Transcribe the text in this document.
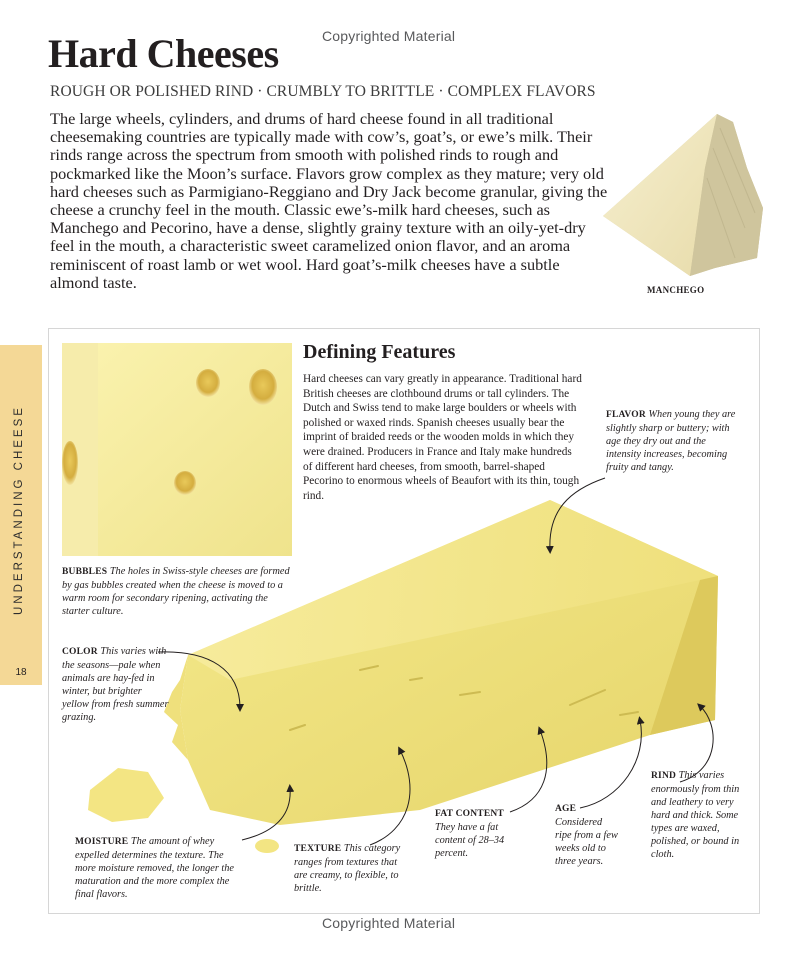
Copyrighted Material
Hard Cheeses
ROUGH OR POLISHED RIND · CRUMBLY TO BRITTLE · COMPLEX FLAVORS
The large wheels, cylinders, and drums of hard cheese found in all traditional cheesemaking countries are typically made with cow’s, goat’s, or ewe’s milk. Their rinds range across the spectrum from smooth with polished rinds to rough and pockmarked like the Moon’s surface. Flavors grow complex as they mature; very old hard cheeses such as Parmigiano-Reggiano and Dry Jack become granular, giving the cheese a crunchy feel in the mouth. Classic ewe’s-milk hard cheeses, such as Manchego and Pecorino, have a dense, slightly grainy texture with an oily-yet-dry feel in the mouth, a characteristic sweet caramelized onion flavor, and an aroma reminiscent of roast lamb or wet wool. Hard goat’s-milk cheeses have a subtle almond taste.	MANCHEGO
UNDERSTANDING CHEESE
18
Defining Features
Hard cheeses can vary greatly in appearance. Traditional hard British cheeses are clothbound drums or tall cylinders. The Dutch and Swiss tend to make large boulders or wheels with polished or waxed rinds. Spanish cheeses usually bear the imprint of braided reeds or the wooden molds in which they were drained. Producers in France and Italy make hundreds of different hard cheeses, from smooth, barrel-shaped Pecorino to enormous wheels of Beaufort with its thin, tough rind.
BUBBLES The holes in Swiss-style cheeses are formed by gas bubbles created when the cheese is moved to a warm room for secondary ripening, activating the starter culture.
FLAVOR When young they are slightly sharp or buttery; with age they dry out and the intensity increases, becoming fruity and tangy.
COLOR This varies with the seasons—pale when animals are hay-fed in winter, but brighter yellow from fresh summer grazing.
MOISTURE The amount of whey expelled determines the texture. The more moisture removed, the longer the maturation and the more complex the final flavors.
TEXTURE This category ranges from textures that are creamy, to flexible, to brittle.
FAT CONTENT They have a fat content of 28–34 percent.
AGE Considered ripe from a few weeks old to three years.
RIND This varies enormously from thin and leathery to very hard and thick. Some types are waxed, polished, or bound in cloth.
Copyrighted Material
